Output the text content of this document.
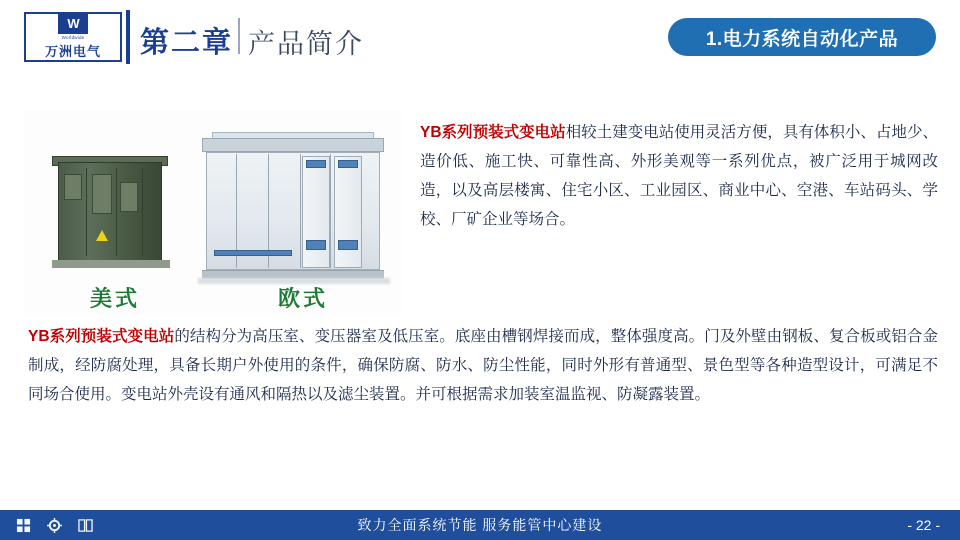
W
Worldwide
万洲电气 第二章 产品简介	1.电力系统自动化产品
美式	欧式
YB系列预装式变电站相较土建变电站使用灵活方便，具有体积小、占地少、造价低、施工快、可靠性高、外形美观等一系列优点，被广泛用于城网改造，以及高层楼寓、住宅小区、工业园区、商业中心、空港、车站码头、学校、厂矿企业等场合。
YB系列预装式变电站的结构分为高压室、变压器室及低压室。底座由槽钢焊接而成，整体强度高。门及外壁由钢板、复合板或铝合金制成，经防腐处理，具备长期户外使用的条件，确保防腐、防水、防尘性能，同时外形有普通型、景色型等各种造型设计，可满足不同场合使用。变电站外壳设有通风和隔热以及滤尘装置。并可根据需求加装室温监视、防凝露装置。
致力全面系统节能 服务能管中心建设	- 22 -
